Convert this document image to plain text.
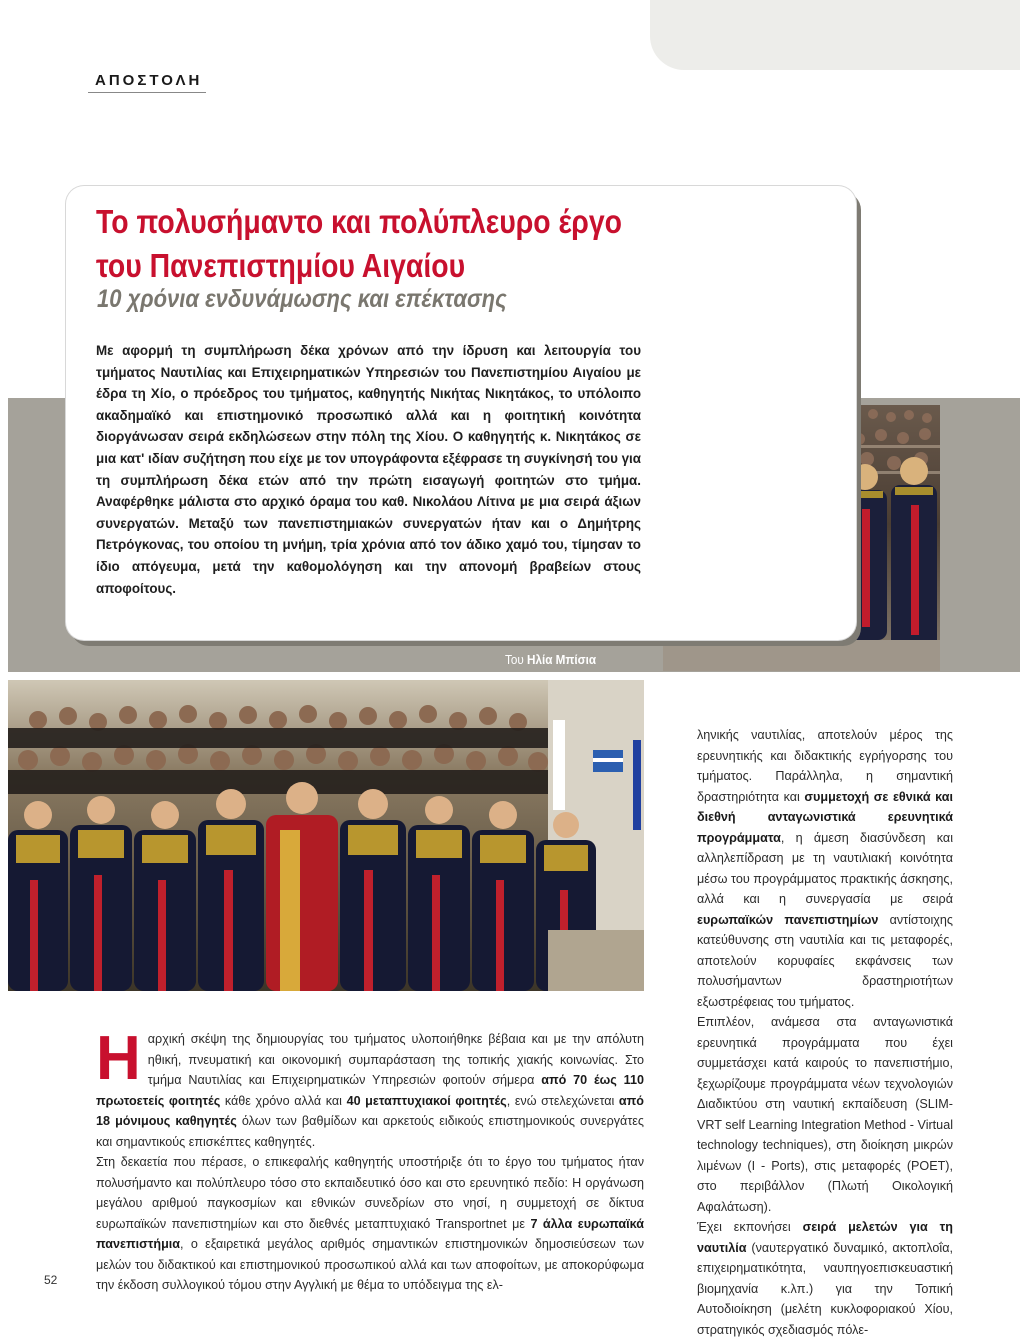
ΑΠΟΣΤΟΛΗ
Το πολυσήμαντο και πολύπλευρο έργο
του Πανεπιστημίου Αιγαίου
10 χρόνια ενδυνάμωσης και επέκτασης

Με αφορμή τη συμπλήρωση δέκα χρόνων από την ίδρυση και λειτουργία του τμήματος Ναυτιλίας και Επιχειρηματικών Υπηρεσιών του Πανεπιστημίου Αιγαίου με έδρα τη Χίο, ο πρόεδρος του τμήματος, καθηγητής Νικήτας Νικητάκος, το υπόλοιπο ακαδημαϊκό και επιστημονικό προσωπικό αλλά και η φοιτητική κοινότητα διοργάνωσαν σειρά εκδηλώσεων στην πόλη της Χίου. Ο καθηγητής κ. Νικητάκος σε μια κατ' ιδίαν συζήτηση που είχε με τον υπογράφοντα εξέφρασε τη συγκίνησή του για τη συμπλήρωση δέκα ετών από την πρώτη εισαγωγή φοιτητών στο τμήμα. Αναφέρθηκε μάλιστα στο αρχικό όραμα του καθ. Νικολάου Λίτινα με μια σειρά άξιων συνεργατών. Μεταξύ των πανεπιστημιακών συνεργατών ήταν και ο Δημήτρης Πετρόγκονας, του οποίου τη μνήμη, τρία χρόνια από τον άδικο χαμό του, τίμησαν το ίδιο απόγευμα, μετά την καθομολόγηση και την απονομή βραβείων στους αποφοίτους.

Του Ηλία Μπίσια
Η αρχική σκέψη της δημιουργίας του τμήματος υλοποιήθηκε βέβαια και με την απόλυτη ηθική, πνευματική και οικονομική συμπαράσταση της τοπικής χιακής κοινωνίας. Στο τμήμα Ναυτιλίας και Επιχειρηματικών Υπηρεσιών φοιτούν σήμερα από 70 έως 110 πρωτοετείς φοιτητές κάθε χρόνο αλλά και 40 μεταπτυχιακοί φοιτητές, ενώ στελεχώνεται από 18 μόνιμους καθηγητές όλων των βαθμίδων και αρκετούς ειδικούς επιστημονικούς συνεργάτες και σημαντικούς επισκέπτες καθηγητές.

Στη δεκαετία που πέρασε, ο επικεφαλής καθηγητής υποστήριξε ότι το έργο του τμήματος ήταν πολυσήμαντο και πολύπλευρο τόσο στο εκπαιδευτικό όσο και στο ερευνητικό πεδίο: Η οργάνωση μεγάλου αριθμού παγκοσμίων και εθνικών συνεδρίων στο νησί, η συμμετοχή σε δίκτυα ευρωπαϊκών πανεπιστημίων και στο διεθνές μεταπτυχιακό Transportnet με 7 άλλα ευρωπαϊκά πανεπιστήμια, ο εξαιρετικά μεγάλος αριθμός σημαντικών επιστημονικών δημοσιεύσεων των μελών του διδακτικού και επιστημονικού προσωπικού αλλά και των αποφοίτων, με αποκορύφωμα την έκδοση συλλογικού τόμου στην Αγγλική με θέμα το υπόδειγμα της ελ-

ληνικής ναυτιλίας, αποτελούν μέρος της ερευνητικής και διδακτικής εγρήγορσης του τμήματος. Παράλληλα, η σημαντική δραστηριότητα και συμμετοχή σε εθνικά και διεθνή ανταγωνιστικά ερευνητικά προγράμματα, η άμεση διασύνδεση και αλληλεπίδραση με τη ναυτιλιακή κοινότητα μέσω του προγράμματος πρακτικής άσκησης, αλλά και η συνεργασία με σειρά ευρωπαϊκών πανεπιστημίων αντίστοιχης κατεύθυνσης στη ναυτιλία και τις μεταφορές, αποτελούν κορυφαίες εκφάνσεις των πολυσήμαντων δραστηριοτήτων εξωστρέφειας του τμήματος.

Επιπλέον, ανάμεσα στα ανταγωνιστικά ερευνητικά προγράμματα που έχει συμμετάσχει κατά καιρούς το πανεπιστήμιο, ξεχωρίζουμε προγράμματα νέων τεχνολογιών Διαδικτύου στη ναυτική εκπαίδευση (SLIM-VRT self Learning Integration Method - Virtual technology techniques), στη διοίκηση μικρών λιμένων (I - Ports), στις μεταφορές (POET), στο περιβάλλον (Πλωτή Οικολογική Αφαλάτωση).

Έχει εκπονήσει σειρά μελετών για τη ναυτιλία (ναυτεργατικό δυναμικό, ακτοπλοΐα, επιχειρηματικότητα, ναυπηγοεπισκευαστική βιομηχανία κ.λπ.) για την Τοπική Αυτοδιοίκηση (μελέτη κυκλοφοριακού Χίου, στρατηγικός σχεδιασμός πόλε-

52
